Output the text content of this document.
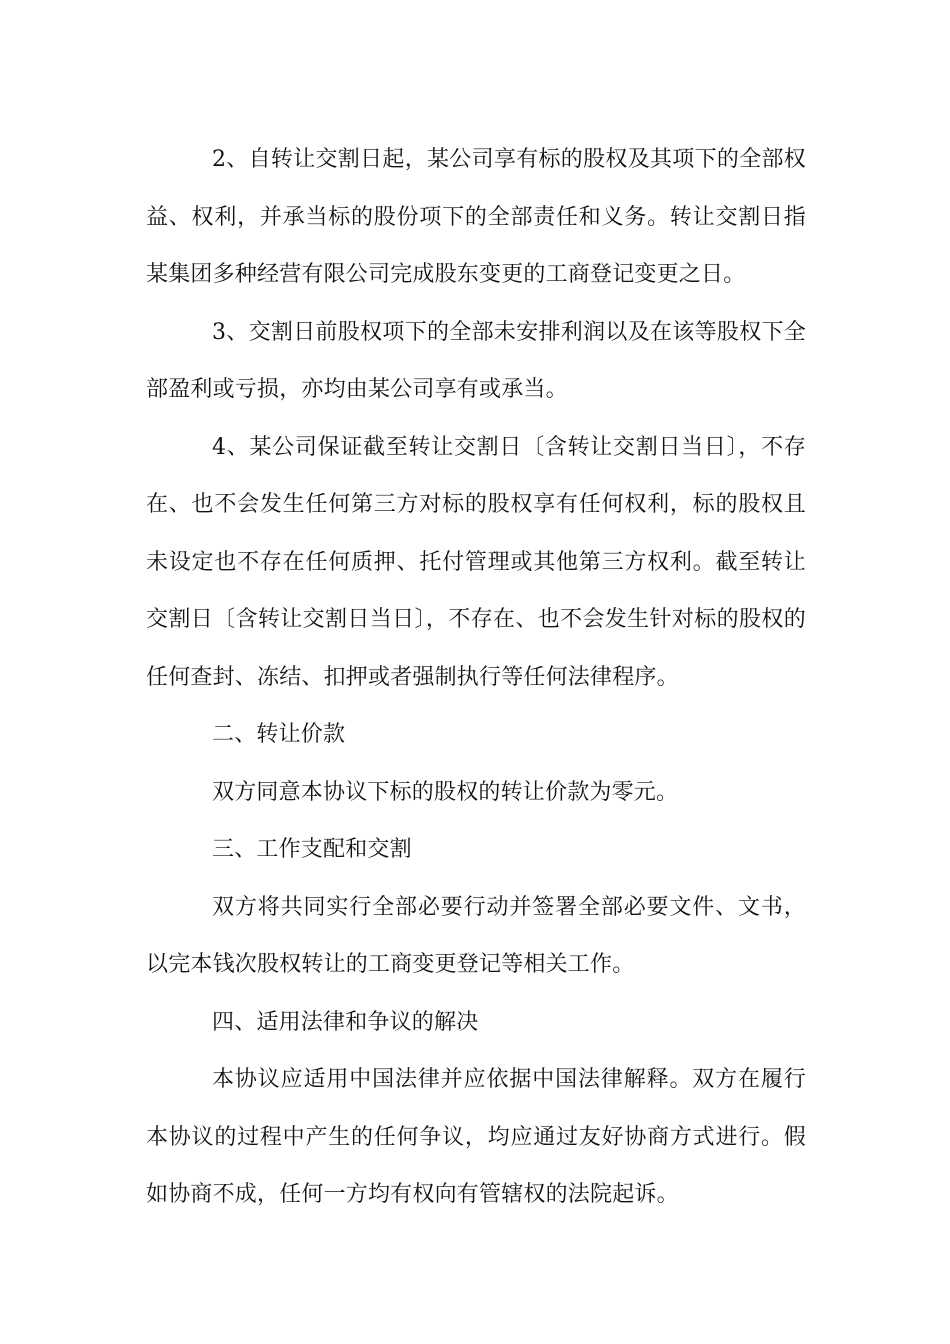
2、自转让交割日起，某公司享有标的股权及其项下的全部权益、权利，并承当标的股份项下的全部责任和义务。转让交割日指某集团多种经营有限公司完成股东变更的工商登记变更之日。

3、交割日前股权项下的全部未安排利润以及在该等股权下全部盈利或亏损，亦均由某公司享有或承当。

4、某公司保证截至转让交割日〔含转让交割日当日〕，不存在、也不会发生任何第三方对标的股权享有任何权利，标的股权且未设定也不存在任何质押、托付管理或其他第三方权利。截至转让交割日〔含转让交割日当日〕，不存在、也不会发生针对标的股权的任何查封、冻结、扣押或者强制执行等任何法律程序。

二、转让价款

双方同意本协议下标的股权的转让价款为零元。

三、工作支配和交割

双方将共同实行全部必要行动并签署全部必要文件、文书，以完本钱次股权转让的工商变更登记等相关工作。

四、适用法律和争议的解决

本协议应适用中国法律并应依据中国法律解释。双方在履行本协议的过程中产生的任何争议，均应通过友好协商方式进行。假如协商不成，任何一方均有权向有管辖权的法院起诉。
